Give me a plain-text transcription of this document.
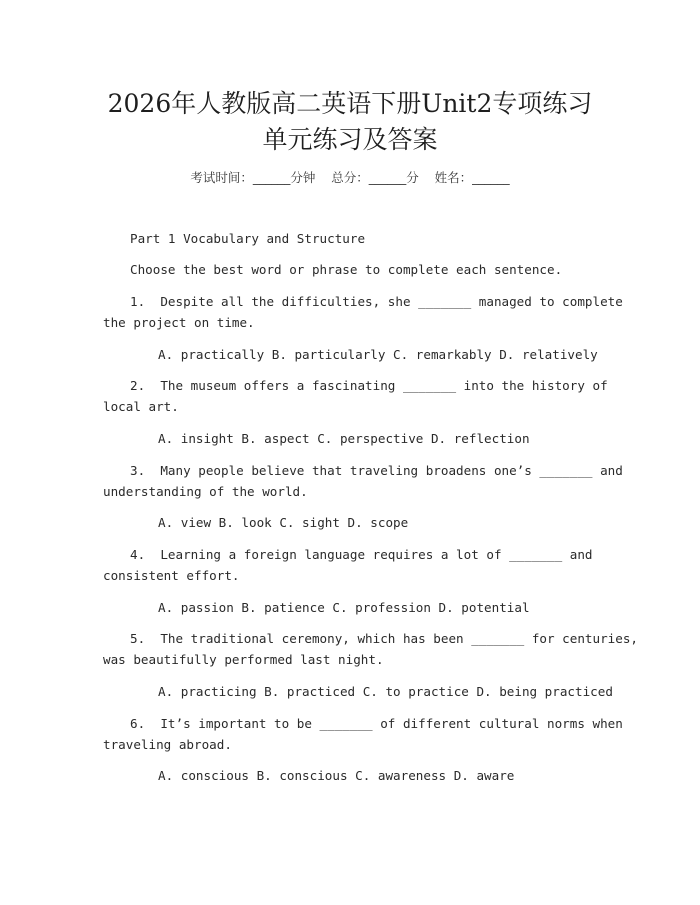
2026年人教版高二英语下册Unit2专项练习
单元练习及答案
考试时间：______分钟    总分：______分    姓名：______
Part 1 Vocabulary and Structure
Choose the best word or phrase to complete each sentence.
1.  Despite all the difficulties, she _______ managed to complete
the project on time.
A. practically B. particularly C. remarkably D. relatively
2.  The museum offers a fascinating _______ into the history of
local art.
A. insight B. aspect C. perspective D. reflection
3.  Many people believe that traveling broadens one’s _______ and
understanding of the world.
A. view B. look C. sight D. scope
4.  Learning a foreign language requires a lot of _______ and
consistent effort.
A. passion B. patience C. profession D. potential
5.  The traditional ceremony, which has been _______ for centuries,
was beautifully performed last night.
A. practicing B. practiced C. to practice D. being practiced
6.  It’s important to be _______ of different cultural norms when
traveling abroad.
A. conscious B. conscious C. awareness D. aware
